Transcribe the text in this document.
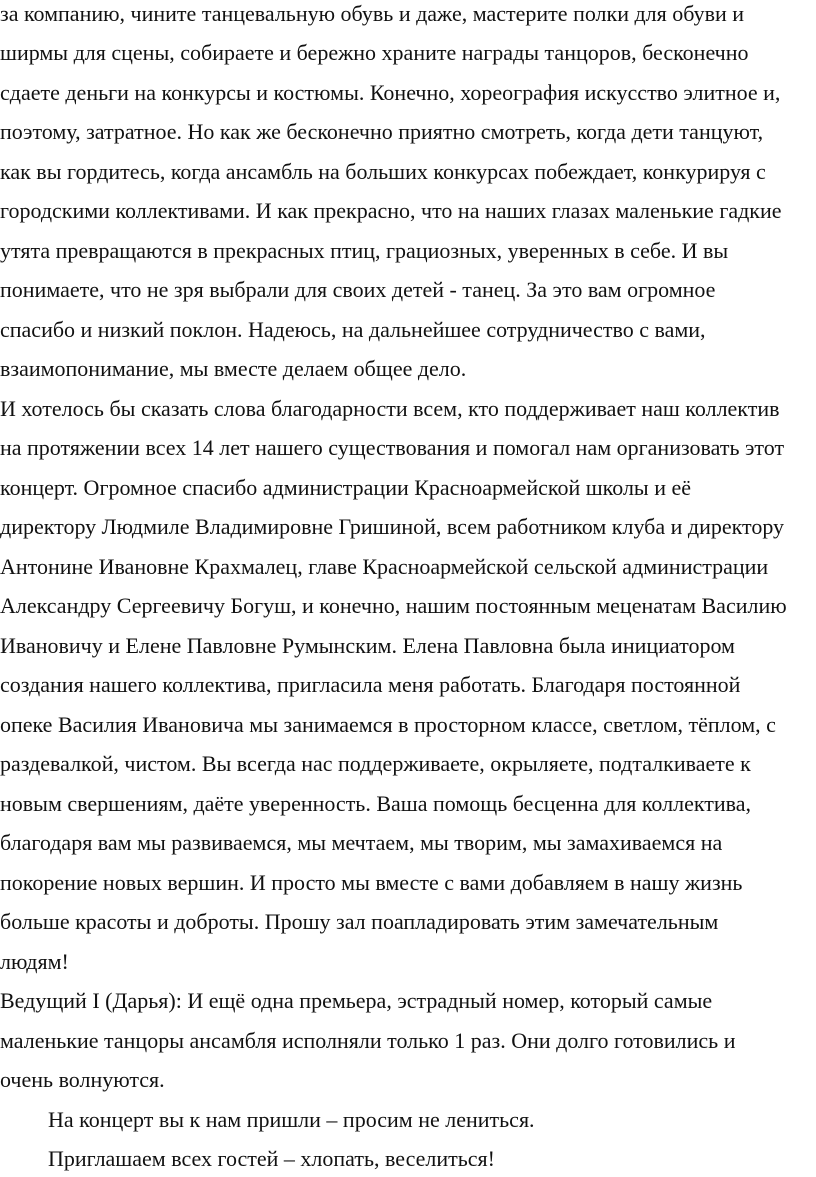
за компанию, чините танцевальную обувь и даже, мастерите полки для обуви и
ширмы для сцены, собираете и бережно храните награды танцоров, бесконечно
сдаете деньги на конкурсы и костюмы. Конечно, хореография искусство элитное и,
поэтому, затратное. Но как же бесконечно приятно смотреть, когда дети танцуют,
как вы гордитесь, когда ансамбль на больших конкурсах побеждает, конкурируя с
городскими коллективами. И как прекрасно, что на наших глазах маленькие гадкие
утята превращаются в прекрасных птиц, грациозных, уверенных в себе. И вы
понимаете, что не зря выбрали для своих детей - танец. За это вам огромное
спасибо и низкий поклон. Надеюсь, на дальнейшее сотрудничество с вами,
взаимопонимание, мы вместе делаем общее дело.
И хотелось бы сказать слова благодарности всем, кто поддерживает наш коллектив
на протяжении всех 14 лет нашего существования и помогал нам организовать этот
концерт. Огромное спасибо администрации Красноармейской школы и её
директору Людмиле Владимировне Гришиной, всем работником клуба и директору
Антонине Ивановне Крахмалец, главе Красноармейской сельской администрации
Александру Сергеевичу Богуш, и конечно, нашим постоянным меценатам Василию
Ивановичу и Елене Павловне Румынским. Елена Павловна была инициатором
создания нашего коллектива, пригласила меня работать. Благодаря постоянной
опеке Василия Ивановича мы занимаемся в просторном классе, светлом, тёплом, с
раздевалкой, чистом. Вы всегда нас поддерживаете, окрыляете, подталкиваете к
новым свершениям, даёте уверенность. Ваша помощь бесценна для коллектива,
благодаря вам мы развиваемся, мы мечтаем, мы творим, мы замахиваемся на
покорение новых вершин. И просто мы вместе с вами добавляем в нашу жизнь
больше красоты и доброты. Прошу зал поапладировать этим замечательным
людям!
Ведущий I (Дарья): И ещё одна премьера, эстрадный номер, который самые
маленькие танцоры ансамбля исполняли только 1 раз. Они долго готовились и
очень волнуются.
На концерт вы к нам пришли – просим не лениться.
Приглашаем всех гостей – хлопать, веселиться!
